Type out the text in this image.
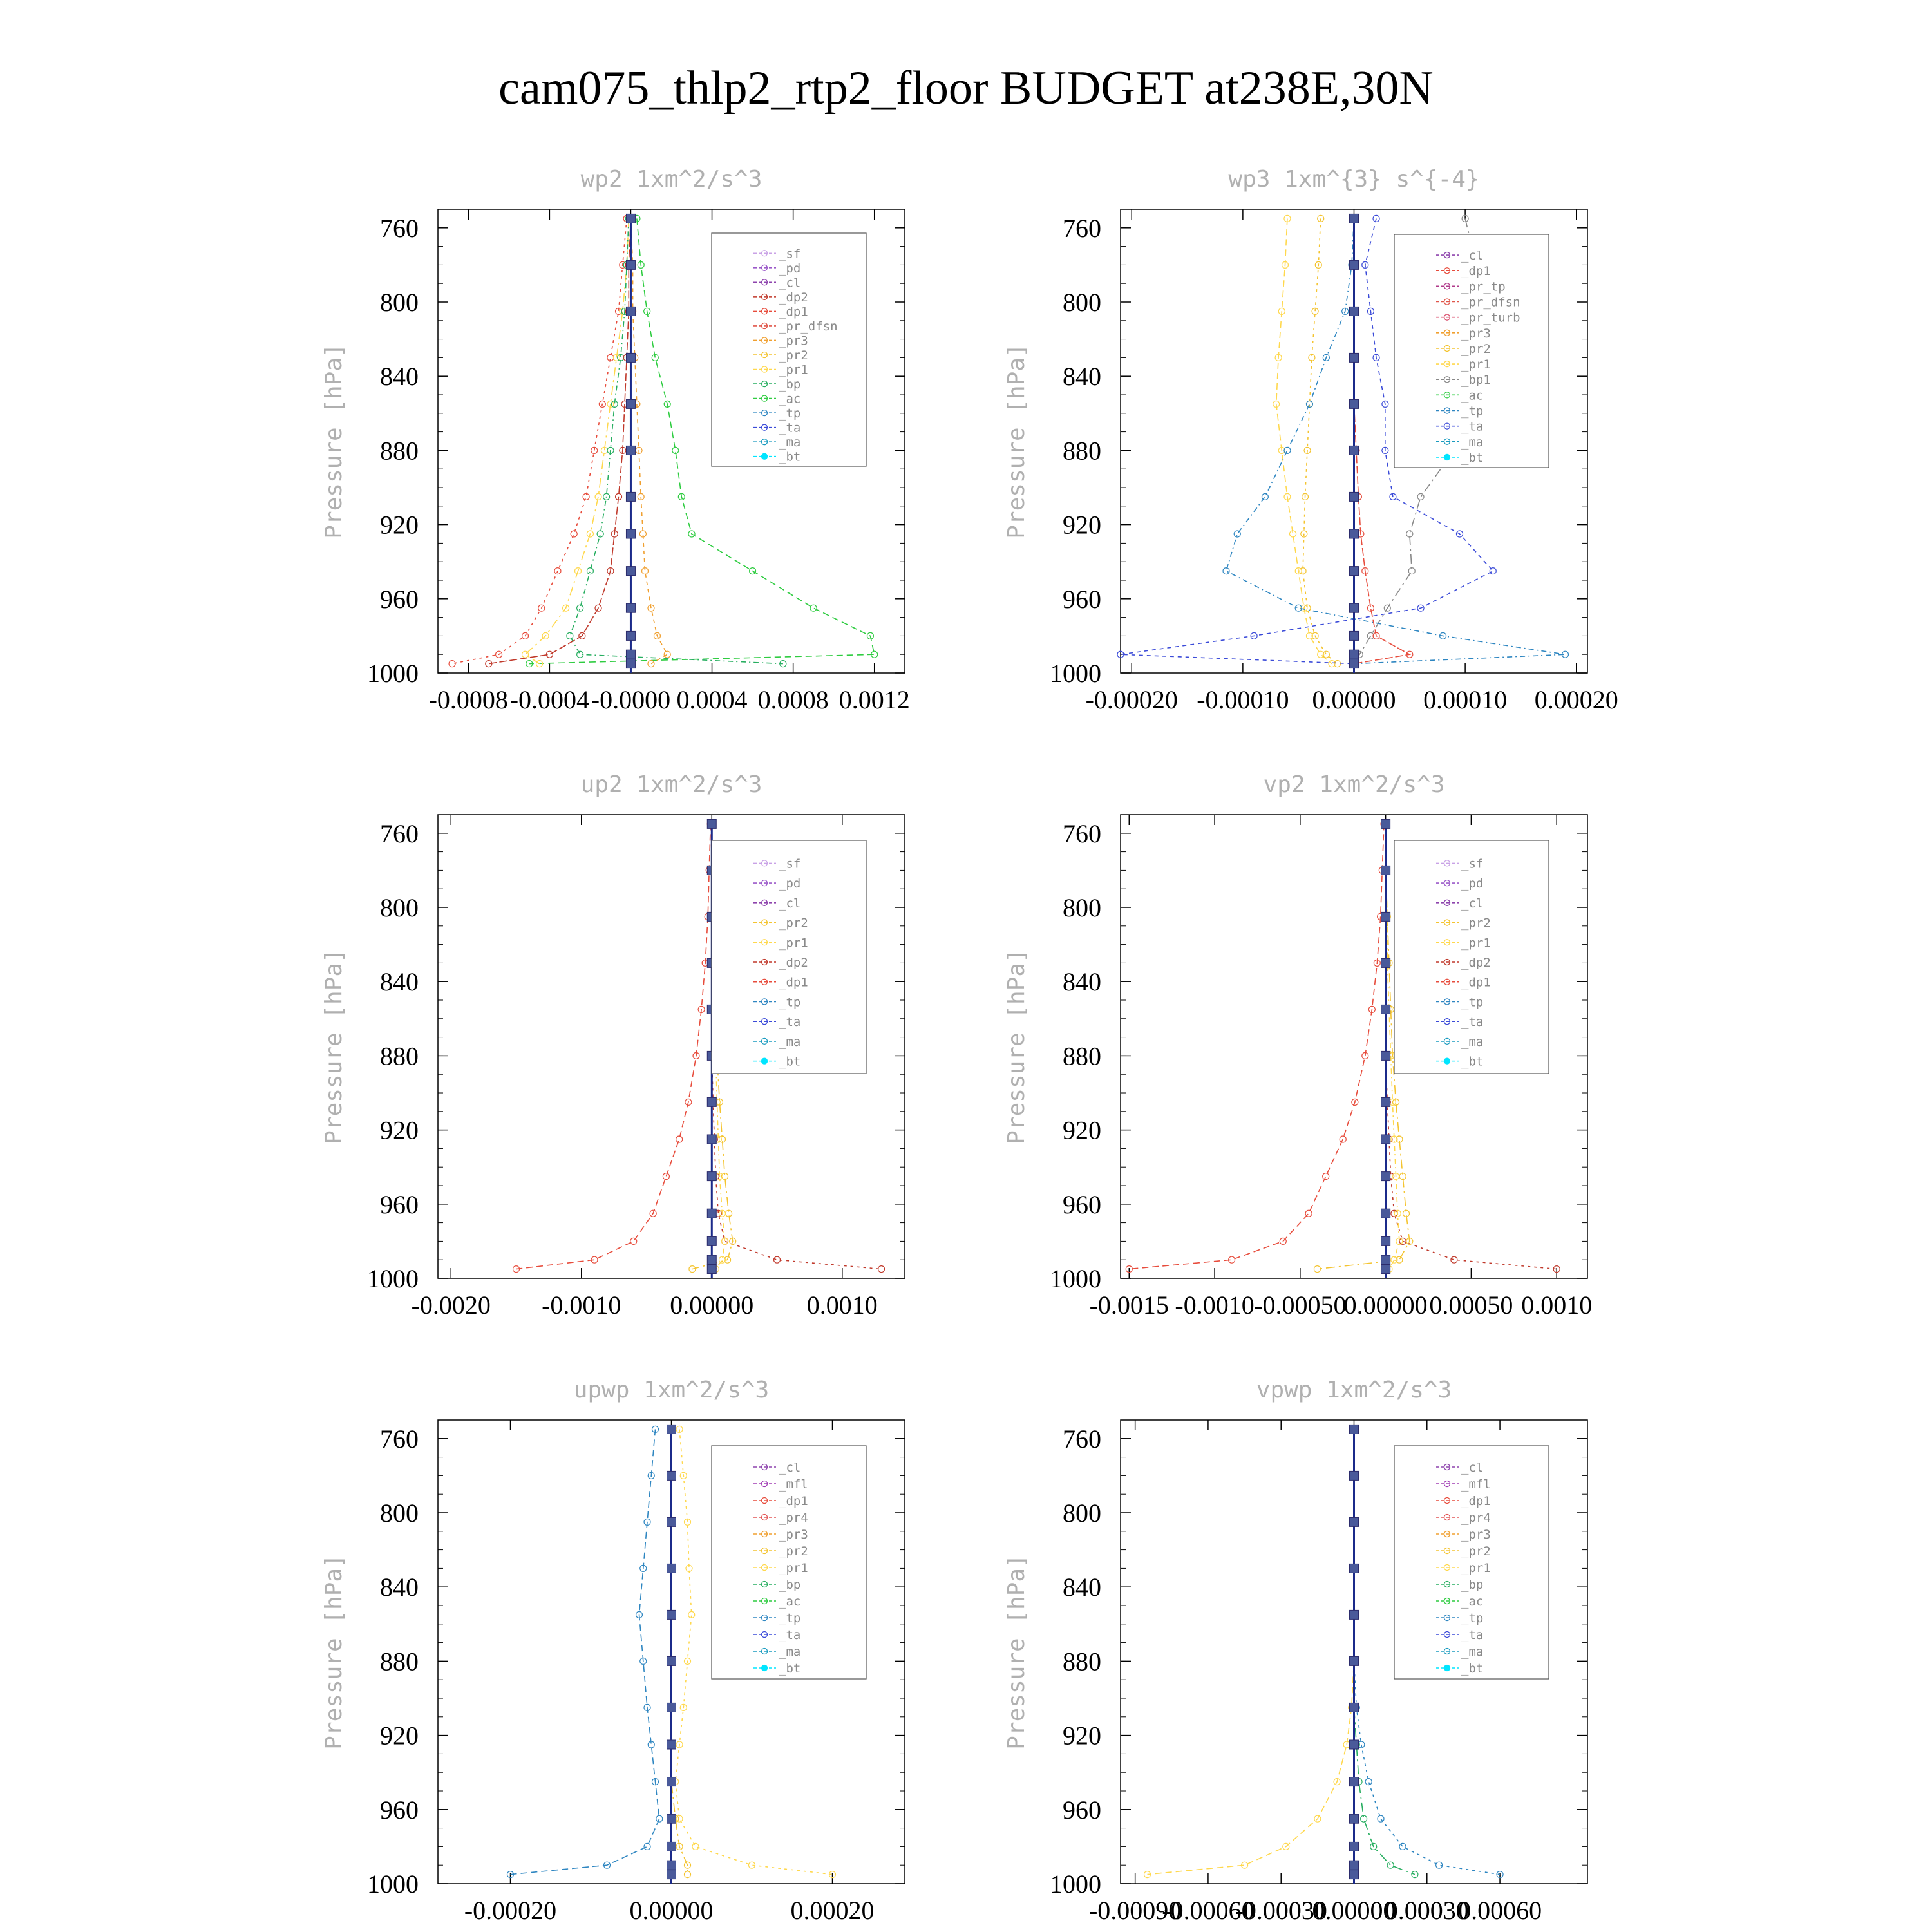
cam075_thlp2_rtp2_floor BUDGET at238E,30N
wp2 1xm^2/s^3
Pressure [hPa]
760
800
840
880
920
960
1000
-0.0008 -0.0004 -0.0000 0.0004 0.0008 0.0012
_sf
_pd
_cl
_dp2
_dp1
_pr_dfsn
_pr3
_pr2
_pr1
_bp
_ac
_tp
_ta
_ma
_bt
wp3 1xm^{3} s^{-4}
Pressure [hPa]
760
800
840
880
920
960
1000
-0.00020 -0.00010 0.00000 0.00010 0.00020
_cl
_dp1
_pr_tp
_pr_dfsn
_pr_turb
_pr3
_pr2
_pr1
_bp1
_ac
_tp
_ta
_ma
_bt
up2 1xm^2/s^3
Pressure [hPa]
760
800
840
880
920
960
1000
-0.0020 -0.0010 0.00000 0.0010
_sf
_pd
_cl
_pr2
_pr1
_dp2
_dp1
_tp
_ta
_ma
_bt
vp2 1xm^2/s^3
Pressure [hPa]
760
800
840
880
920
960
1000
-0.0015 -0.0010 -0.00050
0.00000 0.00050 0.0010
_sf
_pd
_cl
_pr2
_pr1
_dp2
_dp1
_tp
_ta
_ma
_bt
upwp 1xm^2/s^3
Pressure [hPa]
760
800
840
880
920
960
1000
-0.00020	0.00000	0.00020
_cl
_mfl
_dp1
_pr4
_pr3
_pr2
_pr1
_bp
_ac
_tp
_ta
_ma
_bt
vpwp 1xm^2/s^3
Pressure [hPa]
760
800
840
880
920
960
1000
-0.00090
-0.00060
-0.00030
0.00000
0.00030
0.00060
_cl
_mfl
_dp1
_pr4
_pr3
_pr2
_pr1
_bp
_ac
_tp
_ta
_ma
_bt
